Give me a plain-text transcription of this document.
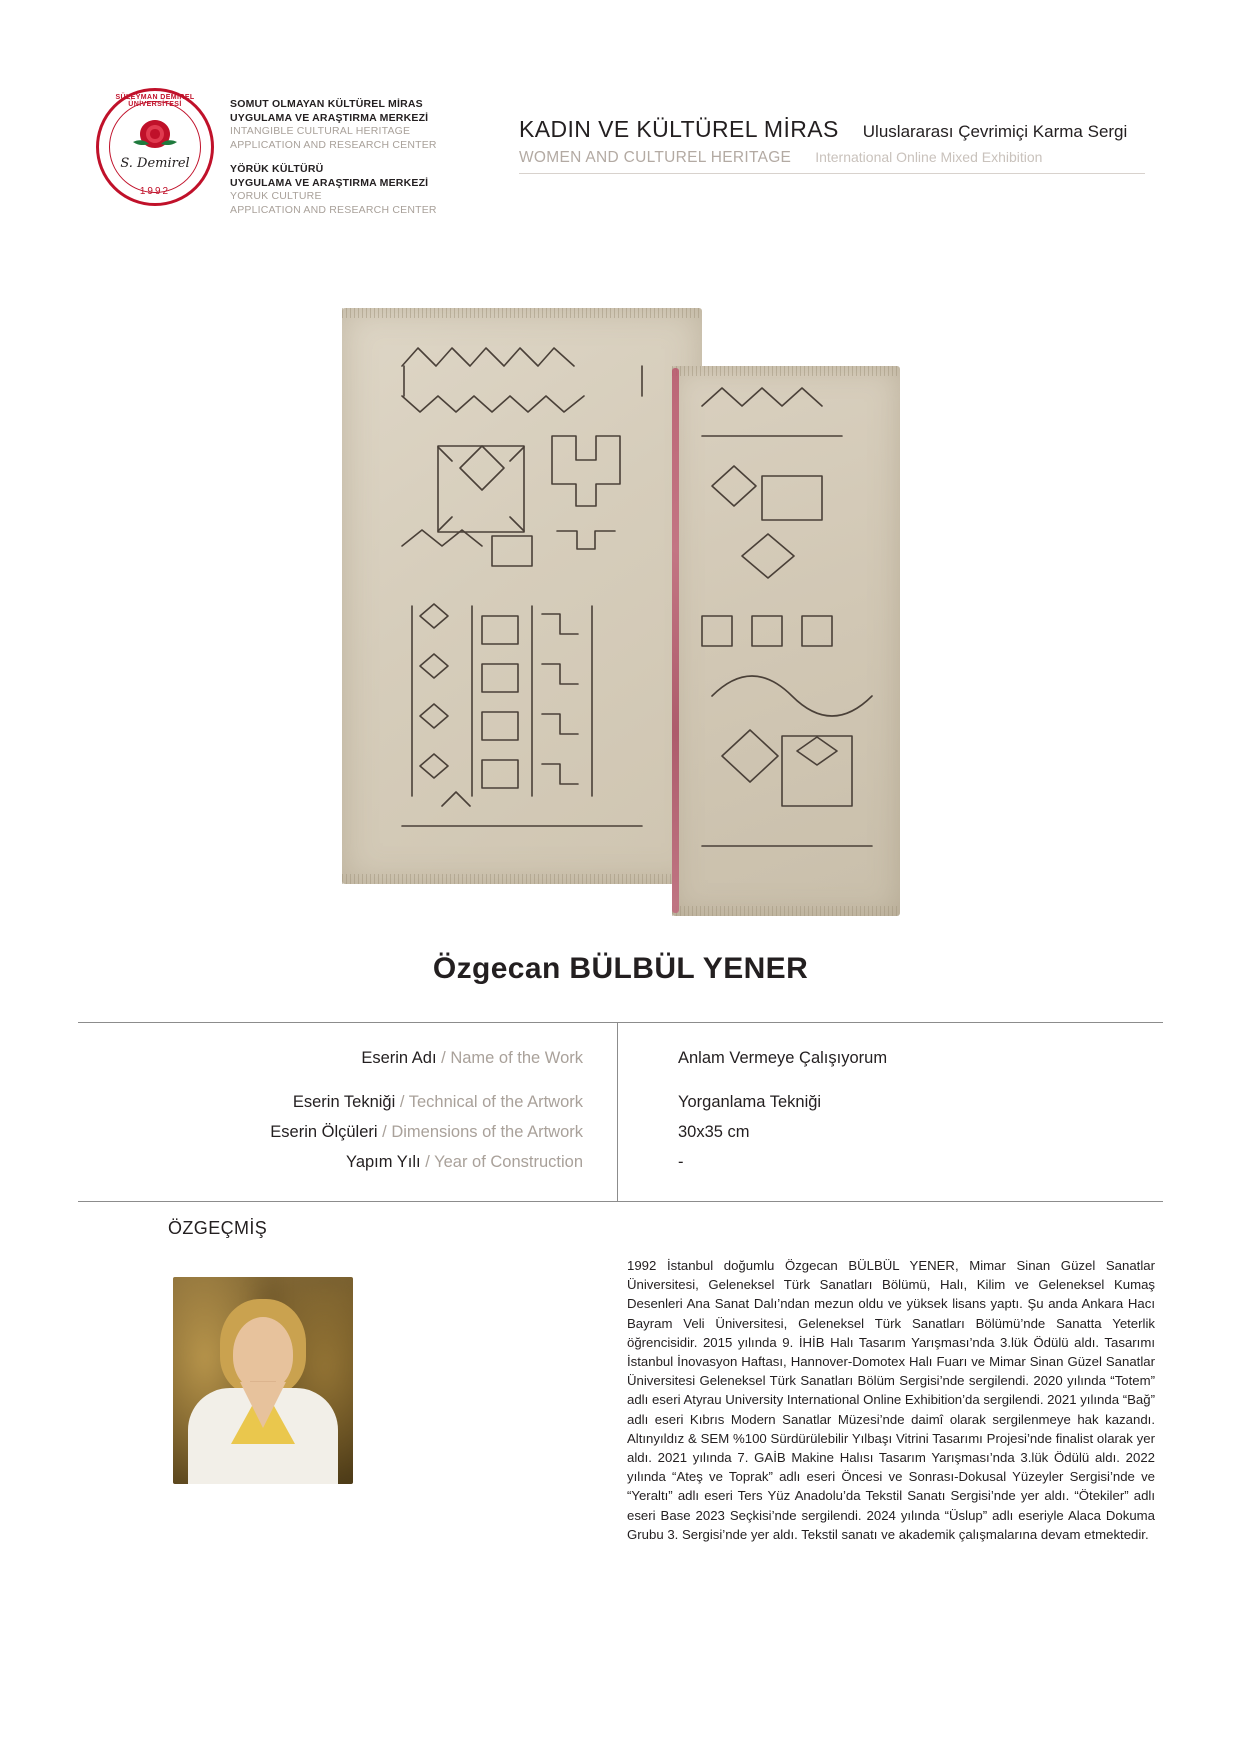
SÜLEYMAN DEMİREL ÜNİVERSİTESİ
S. Demirel
1992
SOMUT OLMAYAN KÜLTÜREL MİRAS
UYGULAMA VE ARAŞTIRMA MERKEZİ
INTANGIBLE CULTURAL HERITAGE
APPLICATION AND RESEARCH CENTER
YÖRÜK KÜLTÜRÜ
UYGULAMA VE ARAŞTIRMA MERKEZİ
YORUK CULTURE
APPLICATION AND RESEARCH CENTER
KADIN VE KÜLTÜREL MİRAS Uluslararası Çevrimiçi Karma Sergi
WOMEN AND CULTUREL HERITAGE International Online Mixed Exhibition
Özgecan BÜLBÜL YENER
Eserin Adı / Name of the Work
Eserin Tekniği / Technical of the Artwork
Eserin Ölçüleri / Dimensions of the Artwork
Yapım Yılı / Year of Construction
Anlam Vermeye Çalışıyorum
Yorganlama Tekniği
30x35 cm
-
ÖZGEÇMİŞ
1992 İstanbul doğumlu Özgecan BÜLBÜL YENER, Mimar Sinan Güzel Sanatlar Üniversitesi, Geleneksel Türk Sanatları Bölümü, Halı, Kilim ve Geleneksel Kumaş Desenleri Ana Sanat Dalı’ndan mezun oldu ve yüksek lisans yaptı. Şu anda Ankara Hacı Bayram Veli Üniversitesi, Geleneksel Türk Sanatları Bölümü’nde Sanatta Yeterlik öğrencisidir. 2015 yılında 9. İHİB Halı Tasarım Yarışması’nda 3.lük Ödülü aldı. Tasarımı İstanbul İnovasyon Haftası, Hannover-Domotex Halı Fuarı ve Mimar Sinan Güzel Sanatlar Üniversitesi Geleneksel Türk Sanatları Bölüm Sergisi’nde sergilendi. 2020 yılında “Totem” adlı eseri Atyrau University International Online Exhibition’da sergilendi. 2021 yılında “Bağ” adlı eseri Kıbrıs Modern Sanatlar Müzesi’nde daimî olarak sergilenmeye hak kazandı. Altınyıldız & SEM %100 Sürdürülebilir Yılbaşı Vitrini Tasarımı Projesi’nde finalist olarak yer aldı. 2021 yılında 7. GAİB Makine Halısı Tasarım Yarışması’nda 3.lük Ödülü aldı. 2022 yılında “Ateş ve Toprak” adlı eseri Öncesi ve Sonrası-Dokusal Yüzeyler Sergisi’nde ve “Yeraltı” adlı eseri Ters Yüz Anadolu’da Tekstil Sanatı Sergisi’nde yer aldı. “Ötekiler” adlı eseri Base 2023 Seçkisi’nde sergilendi. 2024 yılında “Üslup” adlı eseriyle Alaca Dokuma Grubu 3. Sergisi’nde yer aldı. Tekstil sanatı ve akademik çalışmalarına devam etmektedir.
